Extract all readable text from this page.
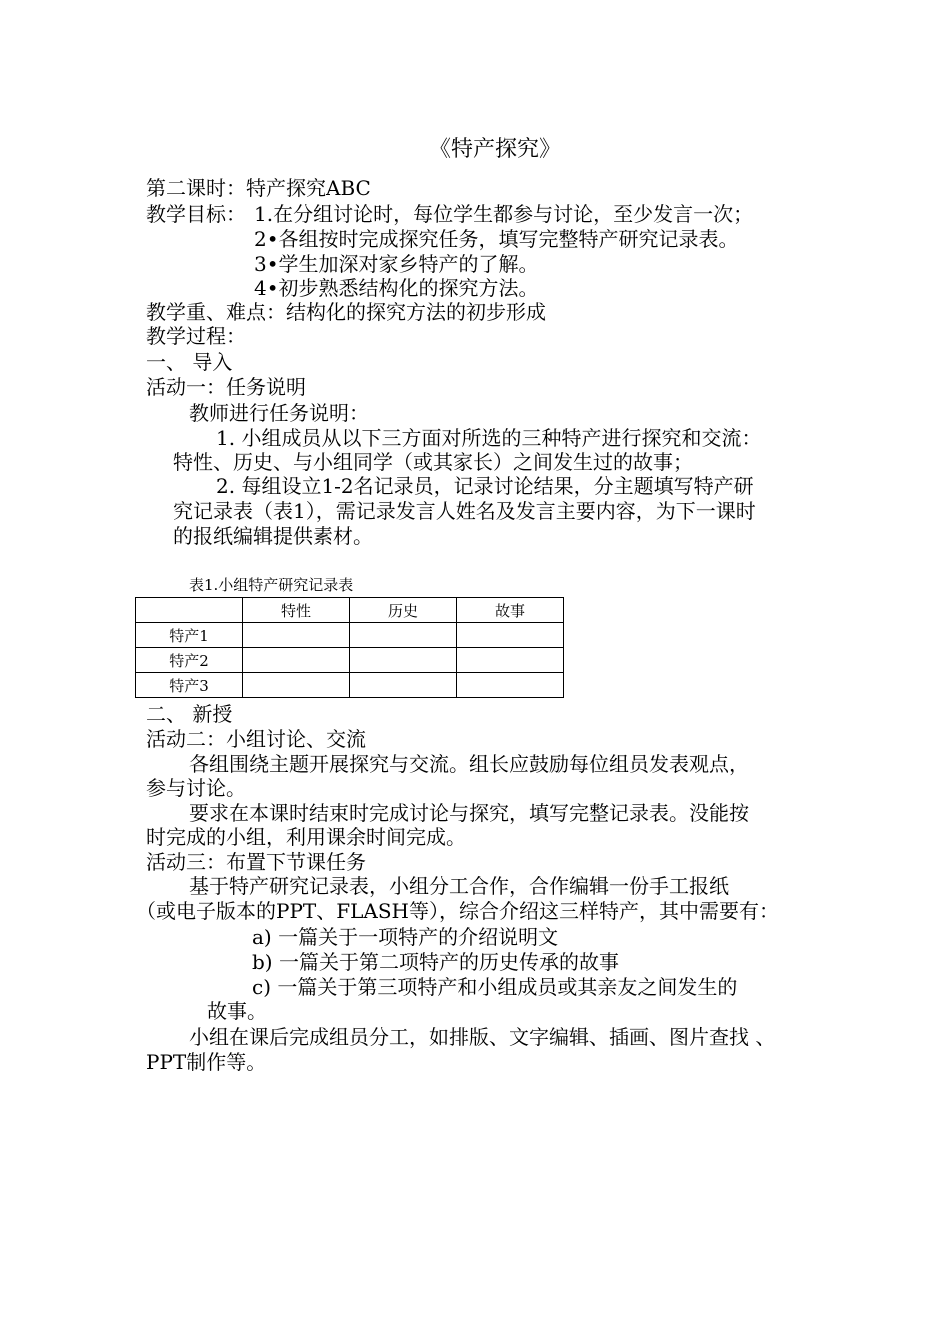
《特产探究》
第二课时：特产探究ABC
教学目标： 1.在分组讨论时，每位学生都参与讨论，至少发言一次；
2•各组按时完成探究任务，填写完整特产研究记录表。
3•学生加深对家乡特产的了解。
4•初步熟悉结构化的探究方法。
教学重、难点：结构化的探究方法的初步形成
教学过程：
一、 导入
活动一：任务说明
教师进行任务说明：
1. 小组成员从以下三方面对所选的三种特产进行探究和交流：
特性、历史、与小组同学（或其家长）之间发生过的故事；
2. 每组设立1-2名记录员，记录讨论结果，分主题填写特产研
究记录表（表1），需记录发言人姓名及发言主要内容，为下一课时
的报纸编辑提供素材。
表1.小组特产研究记录表
	特性	历史	故事
特产1			
特产2			
特产3			
二、 新授
活动二：小组讨论、交流
各组围绕主题开展探究与交流。组长应鼓励每位组员发表观点，
参与讨论。
要求在本课时结束时完成讨论与探究，填写完整记录表。没能按
时完成的小组，利用课余时间完成。
活动三：布置下节课任务
基于特产研究记录表，小组分工合作，合作编辑一份手工报纸
（或电子版本的PPT、FLASH等），综合介绍这三样特产，其中需要有：
a) 一篇关于一项特产的介绍说明文
b) 一篇关于第二项特产的历史传承的故事
c) 一篇关于第三项特产和小组成员或其亲友之间发生的
故事。
小组在课后完成组员分工，如排版、文字编辑、插画、图片查找 、
PPT制作等。
